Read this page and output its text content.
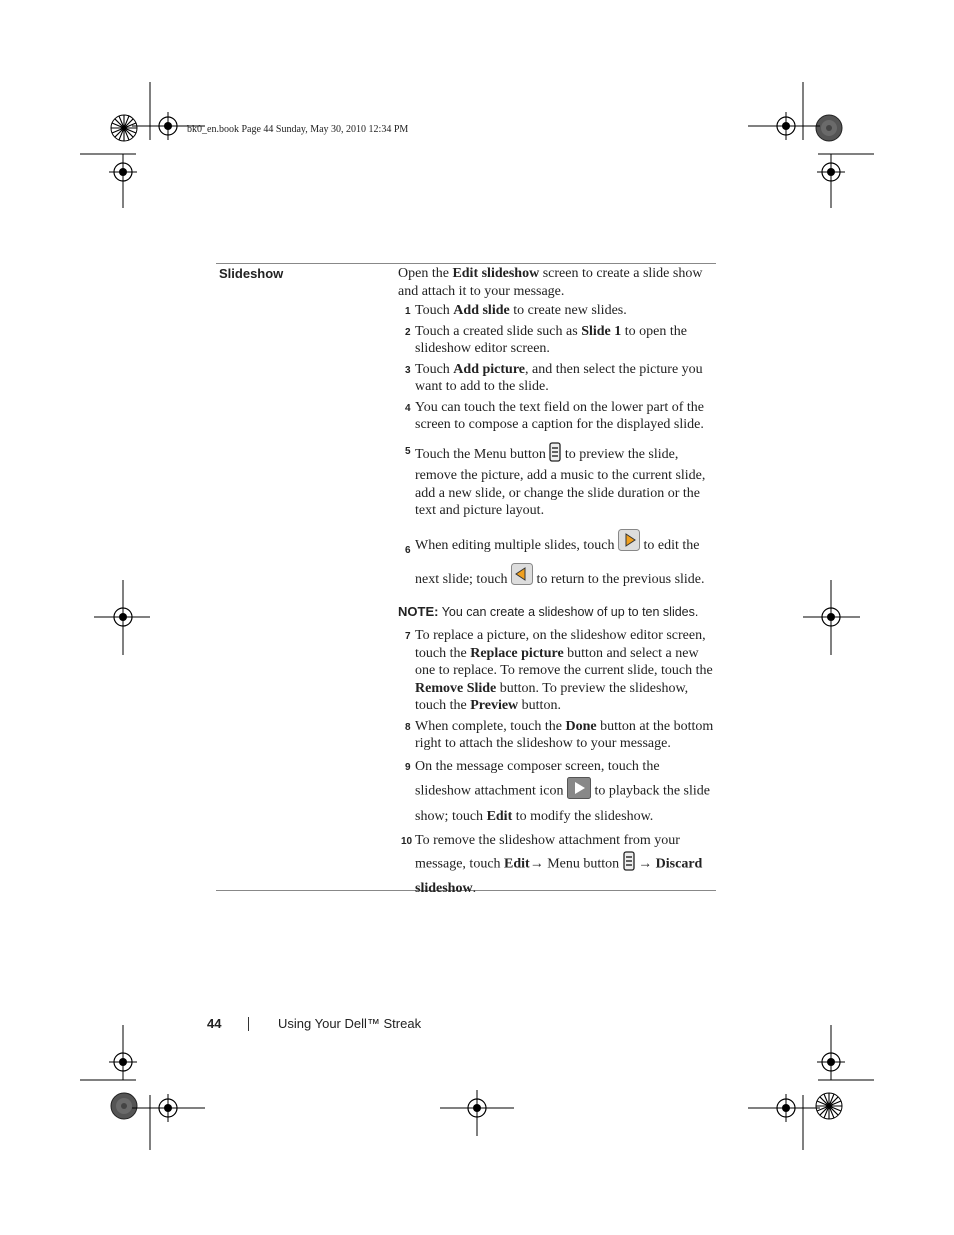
bk0_en.book Page 44 Sunday, May 30, 2010 12:34 PM
Slideshow	Open the Edit slideshow screen to create a slide show and attach it to your message.

1 Touch Add slide to create new slides.
2 Touch a created slide such as Slide 1 to open the slideshow editor screen.
3 Touch Add picture, and then select the picture you want to add to the slide.
4 You can touch the text field on the lower part of the screen to compose a caption for the displayed slide.
5 Touch the Menu button  to preview the slide, remove the picture, add a music to the current slide, add a new slide, or change the slide duration or the text and picture layout.
6 When editing multiple slides, touch  to edit the next slide; touch  to return to the previous slide.
NOTE: You can create a slideshow of up to ten slides.
7 To replace a picture, on the slideshow editor screen, touch the Replace picture button and select a new one to replace. To remove the current slide, touch the Remove Slide button. To preview the slideshow, touch the Preview button.
8 When complete, touch the Done button at the bottom right to attach the slideshow to your message.
9 On the message composer screen, touch the slideshow attachment icon  to playback the slide show; touch Edit to modify the slideshow.
10 To remove the slideshow attachment from your message, touch Edit→ Menu button  → Discard slideshow.
44	Using Your Dell™ Streak
